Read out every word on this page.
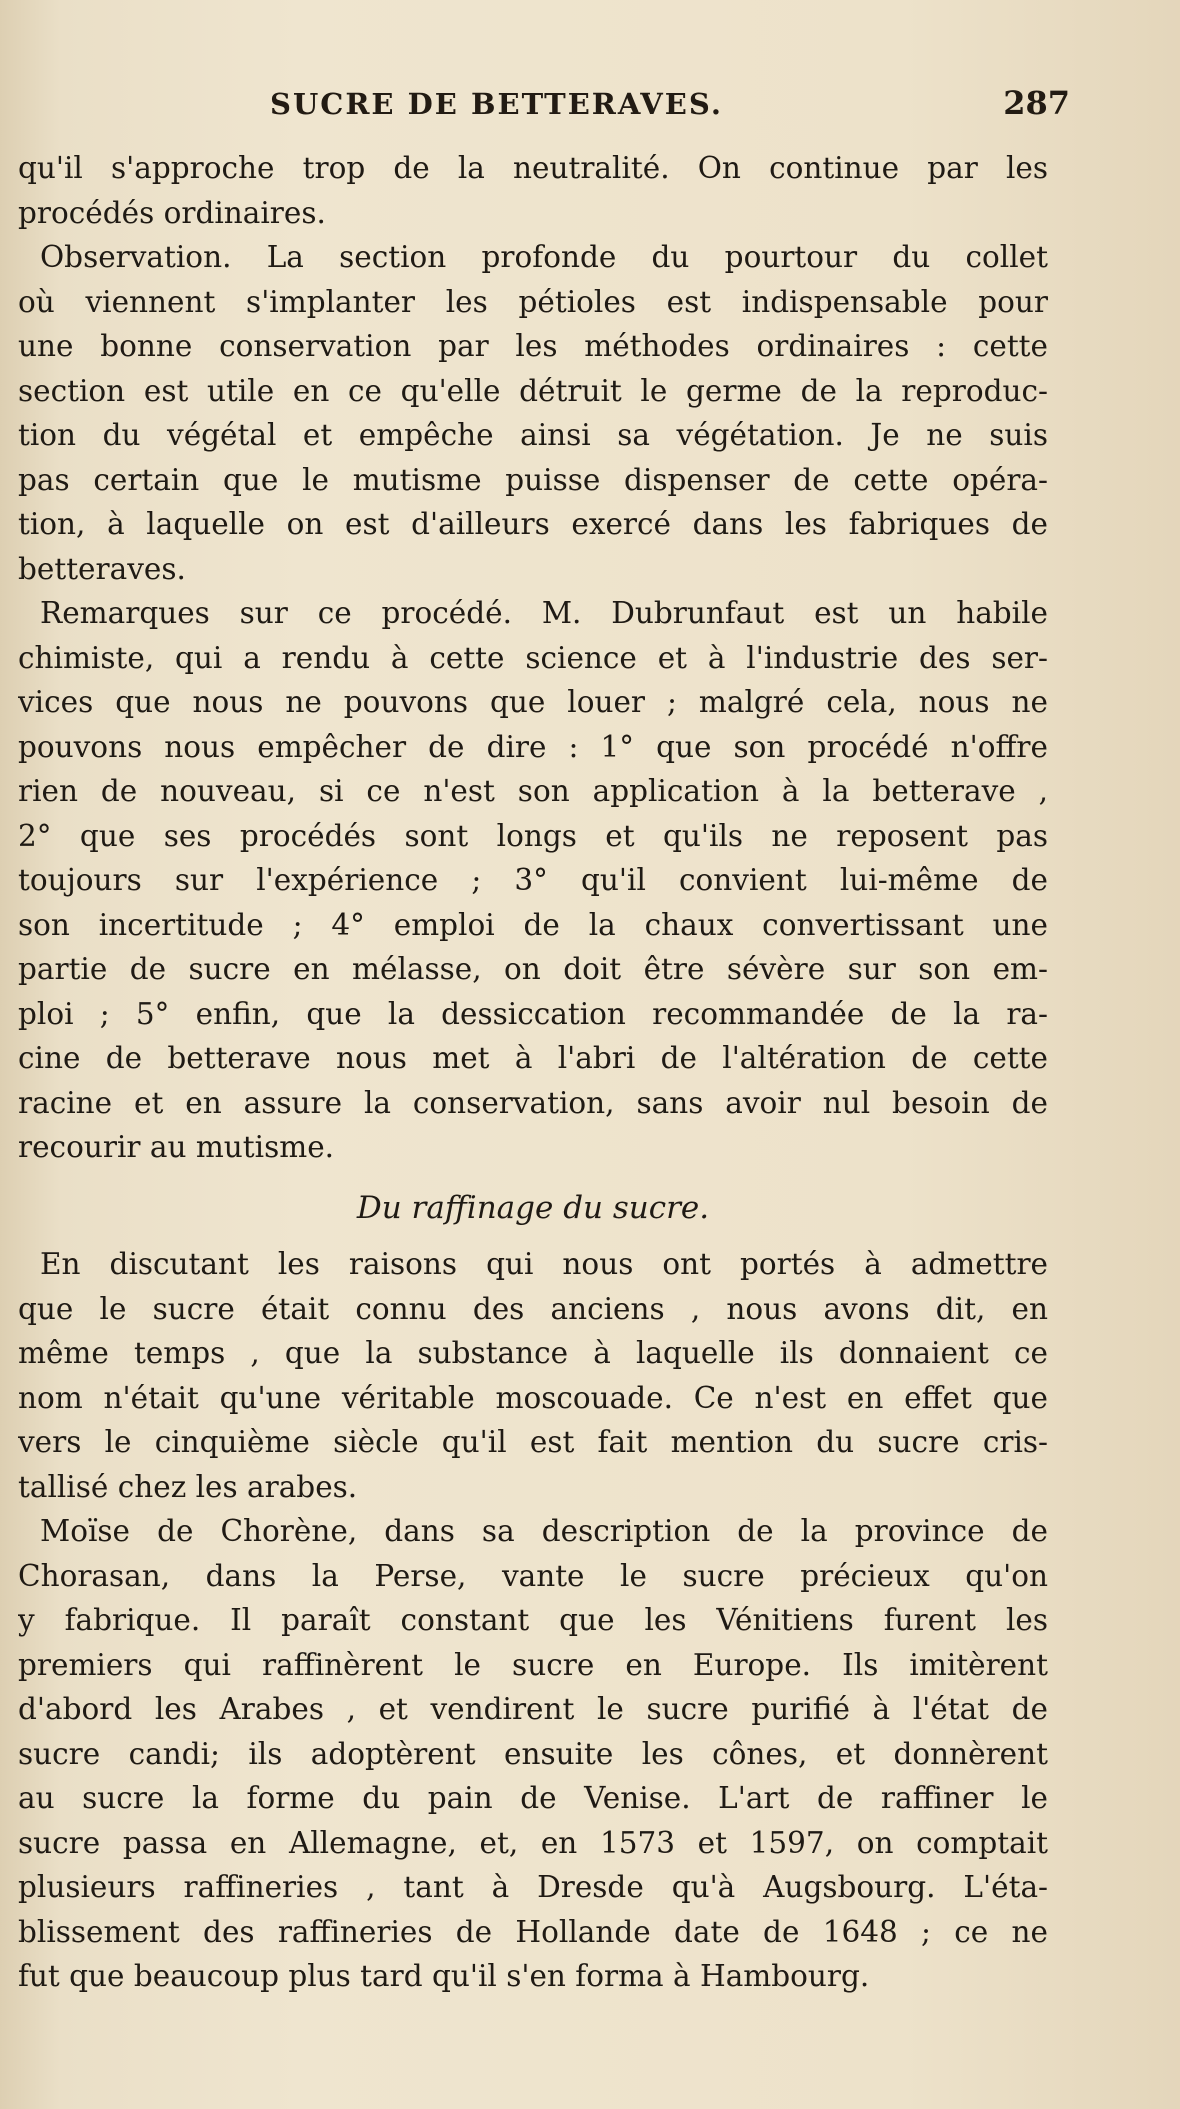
SUCRE DE BETTERAVES.	287
qu'il s'approche trop de la neutralité. On continue par les
procédés ordinaires.
Observation. La section profonde du pourtour du collet
où viennent s'implanter les pétioles est indispensable pour
une bonne conservation par les méthodes ordinaires : cette
section est utile en ce qu'elle détruit le germe de la reproduc-
tion du végétal et empêche ainsi sa végétation. Je ne suis
pas certain que le mutisme puisse dispenser de cette opéra-
tion, à laquelle on est d'ailleurs exercé dans les fabriques de
betteraves.
Remarques sur ce procédé. M. Dubrunfaut est un habile
chimiste, qui a rendu à cette science et à l'industrie des ser-
vices que nous ne pouvons que louer ; malgré cela, nous ne
pouvons nous empêcher de dire : 1° que son procédé n'offre
rien de nouveau, si ce n'est son application à la betterave ,
2° que ses procédés sont longs et qu'ils ne reposent pas
toujours sur l'expérience ; 3° qu'il convient lui-même de
son incertitude ; 4° emploi de la chaux convertissant une
partie de sucre en mélasse, on doit être sévère sur son em-
ploi ; 5° enfin, que la dessiccation recommandée de la ra-
cine de betterave nous met à l'abri de l'altération de cette
racine et en assure la conservation, sans avoir nul besoin de
recourir au mutisme.
Du raffinage du sucre.
En discutant les raisons qui nous ont portés à admettre
que le sucre était connu des anciens , nous avons dit, en
même temps , que la substance à laquelle ils donnaient ce
nom n'était qu'une véritable moscouade. Ce n'est en effet que
vers le cinquième siècle qu'il est fait mention du sucre cris-
tallisé chez les arabes.
Moïse de Chorène, dans sa description de la province de
Chorasan, dans la Perse, vante le sucre précieux qu'on
y fabrique. Il paraît constant que les Vénitiens furent les
premiers qui raffinèrent le sucre en Europe. Ils imitèrent
d'abord les Arabes , et vendirent le sucre purifié à l'état de
sucre candi; ils adoptèrent ensuite les cônes, et donnèrent
au sucre la forme du pain de Venise. L'art de raffiner le
sucre passa en Allemagne, et, en 1573 et 1597, on comptait
plusieurs raffineries , tant à Dresde qu'à Augsbourg. L'éta-
blissement des raffineries de Hollande date de 1648 ; ce ne
fut que beaucoup plus tard qu'il s'en forma à Hambourg.
